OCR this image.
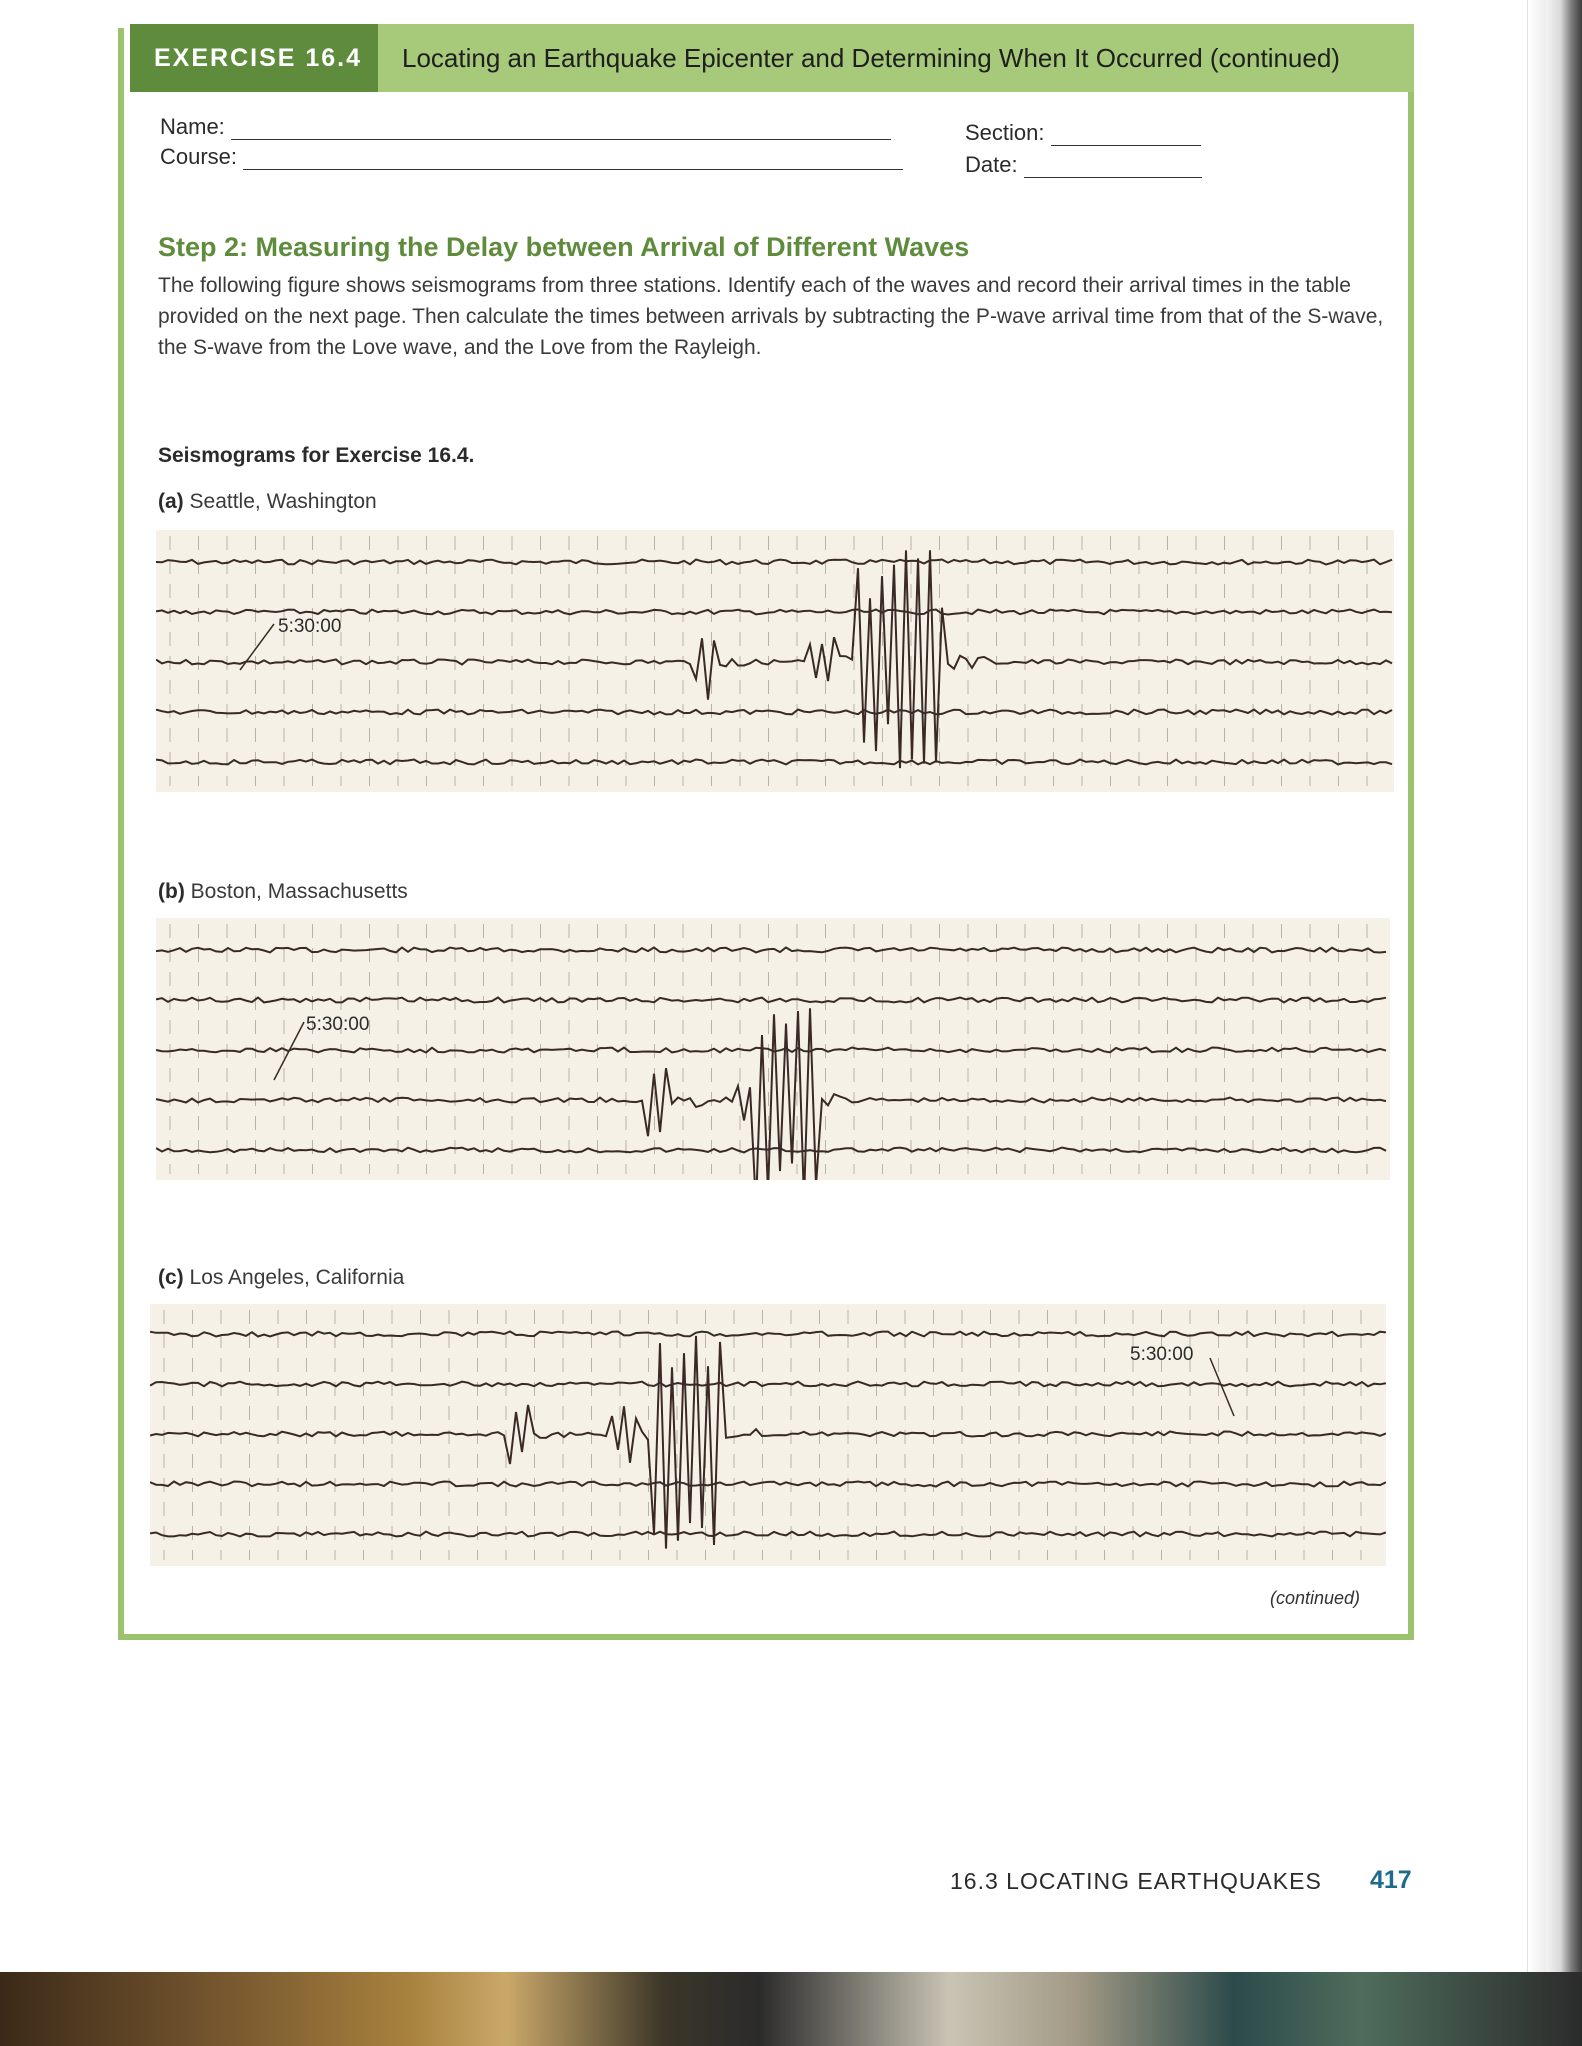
EXERCISE 16.4	Locating an Earthquake Epicenter and Determining When It Occurred (continued)
Name:
Course:
Section:
Date:
Step 2: Measuring the Delay between Arrival of Different Waves
The following figure shows seismograms from three stations. Identify each of the waves and record their arrival times in the table provided on the next page. Then calculate the times between arrivals by subtracting the P-wave arrival time from that of the S-wave, the S-wave from the Love wave, and the Love from the Rayleigh.
Seismograms for Exercise 16.4.
(a) Seattle, Washington
5:30:00
(b) Boston, Massachusetts
5:30:00
(c) Los Angeles, California
5:30:00
(continued)
16.3 LOCATING EARTHQUAKES 417
